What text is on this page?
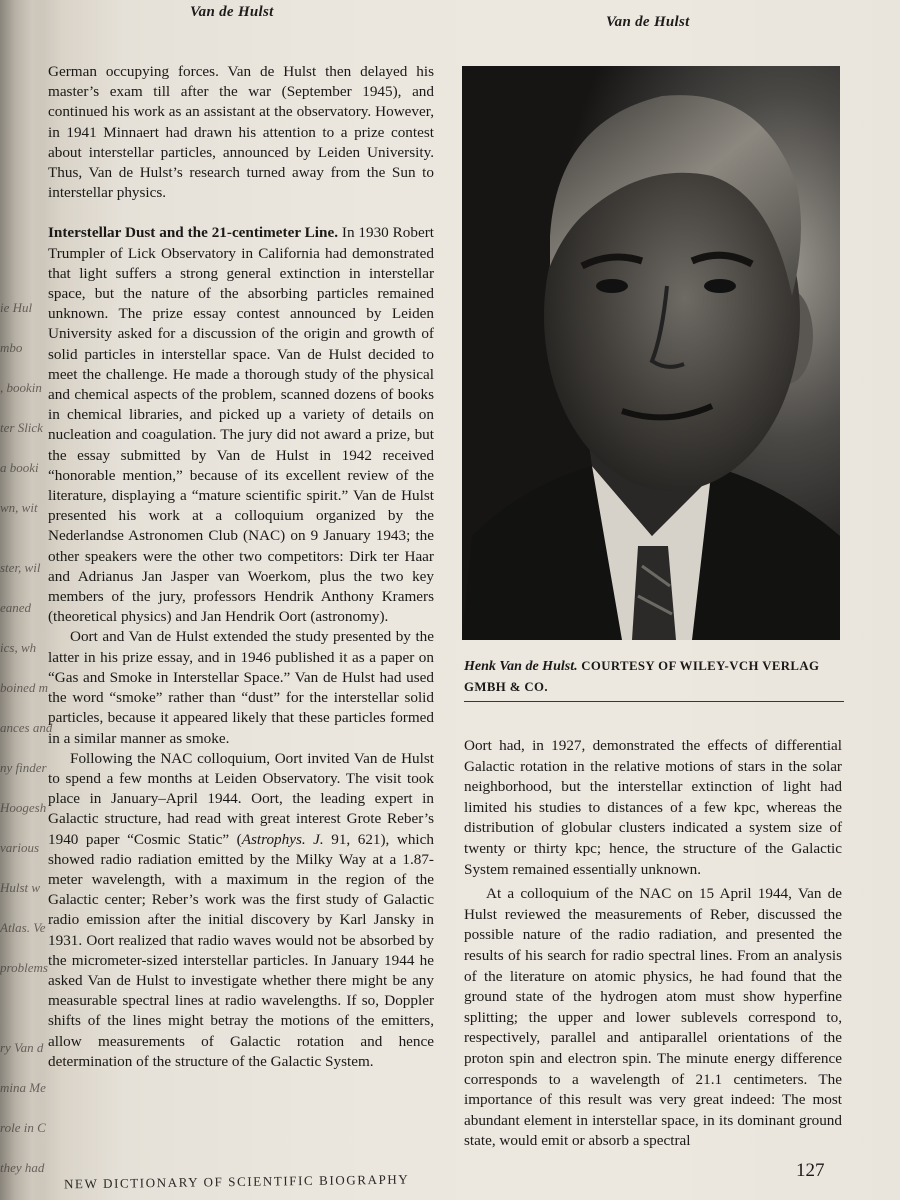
ie Hul
mbo
, bookin
ter Slick
a booki
wn, wit
ster, wil
eaned
ics, wh
boined m
ances and
ny finder
Hoogesh
various
Hulst w
Atlas. Ve
problems
ry Van d
mina Me
role in C
they had
Van de Hulst
Van de Hulst

German occupying forces. Van de Hulst then delayed his master’s exam till after the war (September 1945), and continued his work as an assistant at the observatory. However, in 1941 Minnaert had drawn his attention to a prize contest about interstellar particles, announced by Leiden University. Thus, Van de Hulst’s research turned away from the Sun to interstellar physics.

Interstellar Dust and the 21-centimeter Line. In 1930 Robert Trumpler of Lick Observatory in California had demonstrated that light suffers a strong general extinction in interstellar space, but the nature of the absorbing particles remained unknown. The prize essay contest announced by Leiden University asked for a discussion of the origin and growth of solid particles in interstellar space. Van de Hulst decided to meet the challenge. He made a thorough study of the physical and chemical aspects of the problem, scanned dozens of books in chemical libraries, and picked up a variety of details on nucleation and coagulation. The jury did not award a prize, but the essay submitted by Van de Hulst in 1942 received “honorable mention,” because of its excellent review of the literature, displaying a “mature scientific spirit.” Van de Hulst presented his work at a colloquium organized by the Nederlandse Astronomen Club (NAC) on 9 January 1943; the other speakers were the other two competitors: Dirk ter Haar and Adrianus Jan Jasper van Woerkom, plus the two key members of the jury, professors Hendrik Anthony Kramers (theoretical physics) and Jan Hendrik Oort (astronomy).

Oort and Van de Hulst extended the study presented by the latter in his prize essay, and in 1946 published it as a paper on “Gas and Smoke in Interstellar Space.” Van de Hulst had used the word “smoke” rather than “dust” for the interstellar solid particles, because it appeared likely that these particles formed in a similar manner as smoke.

Following the NAC colloquium, Oort invited Van de Hulst to spend a few months at Leiden Observatory. The visit took place in January–April 1944. Oort, the leading expert in Galactic structure, had read with great interest Grote Reber’s 1940 paper “Cosmic Static” (Astrophys. J. 91, 621), which showed radio radiation emitted by the Milky Way at a 1.87-meter wavelength, with a maximum in the region of the Galactic center; Reber’s work was the first study of Galactic radio emission after the initial discovery by Karl Jansky in 1931. Oort realized that radio waves would not be absorbed by the micrometer-sized interstellar particles. In January 1944 he asked Van de Hulst to investigate whether there might be any measurable spectral lines at radio wavelengths. If so, Doppler shifts of the lines might betray the motions of the emitters, allow measurements of Galactic rotation and hence determination of the structure of the Galactic System.

Henk Van de Hulst. COURTESY OF WILEY-VCH VERLAG GMBH & CO.

Oort had, in 1927, demonstrated the effects of differential Galactic rotation in the relative motions of stars in the solar neighborhood, but the interstellar extinction of light had limited his studies to distances of a few kpc, whereas the distribution of globular clusters indicated a system size of twenty or thirty kpc; hence, the structure of the Galactic System remained essentially unknown.

At a colloquium of the NAC on 15 April 1944, Van de Hulst reviewed the measurements of Reber, discussed the possible nature of the radio radiation, and presented the results of his search for radio spectral lines. From an analysis of the literature on atomic physics, he had found that the ground state of the hydrogen atom must show hyperfine splitting; the upper and lower sublevels correspond to, respectively, parallel and antiparallel orientations of the proton spin and electron spin. The minute energy difference corresponds to a wavelength of 21.1 centimeters. The importance of this result was very great indeed: The most abundant element in interstellar space, in its dominant ground state, would emit or absorb a spectral

NEW DICTIONARY OF SCIENTIFIC BIOGRAPHY
127
